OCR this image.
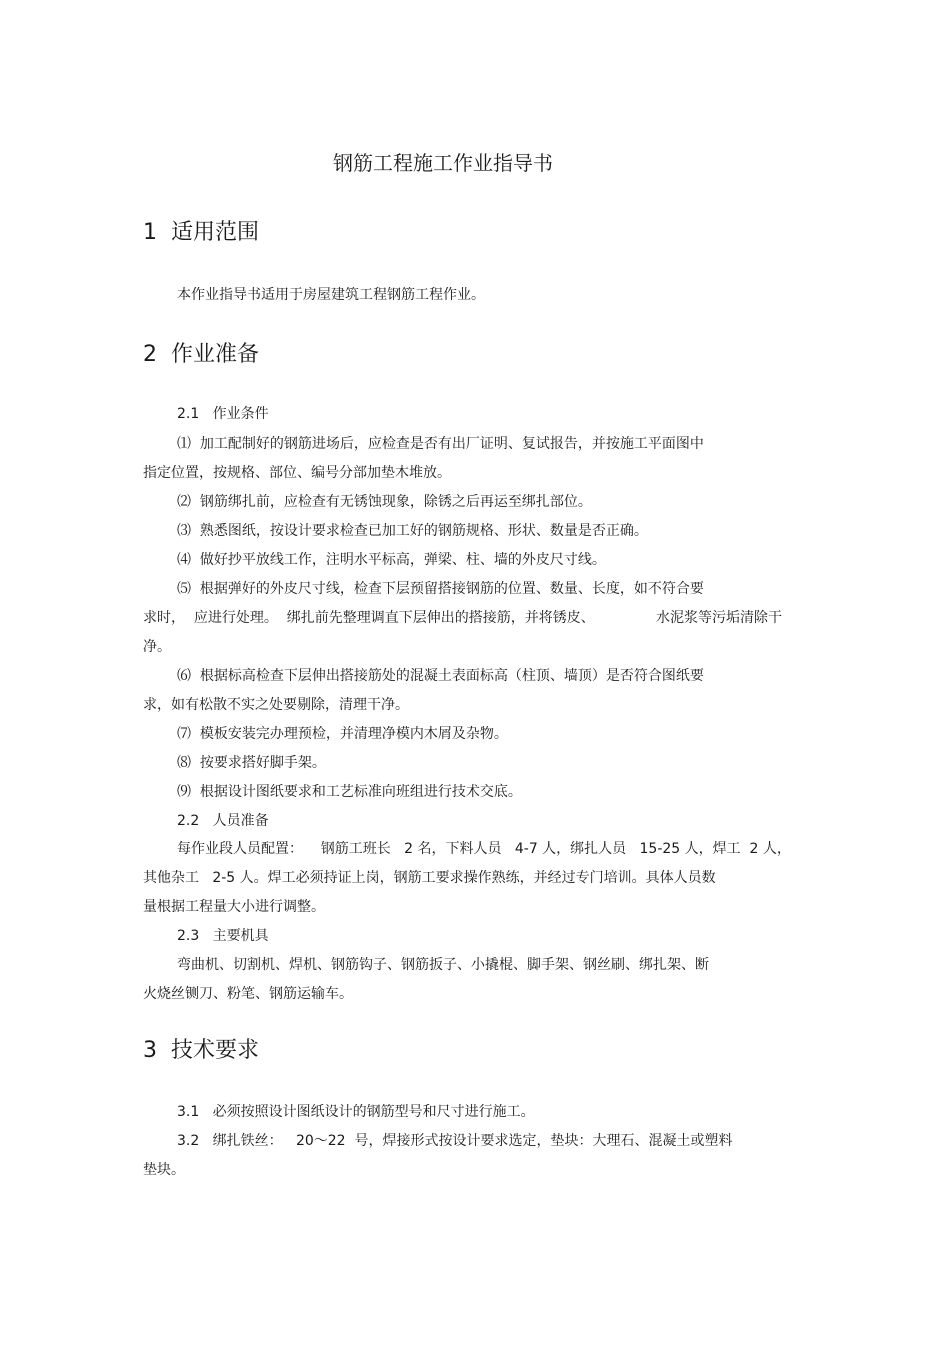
钢筋工程施工作业指导书
1  适用范围
本作业指导书适用于房屋建筑工程钢筋工程作业。
2  作业准备
2.1   作业条件
⑴  加工配制好的钢筋进场后，应检查是否有出厂证明、复试报告，并按施工平面图中
指定位置，按规格、部位、编号分部加垫木堆放。
⑵  钢筋绑扎前，应检查有无锈蚀现象，除锈之后再运至绑扎部位。
⑶  熟悉图纸，按设计要求检查已加工好的钢筋规格、形状、数量是否正确。
⑷  做好抄平放线工作，注明水平标高，弹梁、柱、墙的外皮尺寸线。
⑸  根据弹好的外皮尺寸线，检查下层预留搭接钢筋的位置、数量、长度，如不符合要
求时，  应进行处理。  绑扎前先整理调直下层伸出的搭接筋，并将锈皮、	水泥浆等污垢清除干
净。
⑹  根据标高检查下层伸出搭接筋处的混凝土表面标高（柱顶、墙顶）是否符合图纸要
求，如有松散不实之处要剔除，清理干净。
⑺  模板安装完办理预检，并清理净模内木屑及杂物。
⑻  按要求搭好脚手架。
⑼  根据设计图纸要求和工艺标准向班组进行技术交底。
2.2   人员准备
每作业段人员配置：    钢筋工班长   2 名，下料人员   4-7 人，绑扎人员   15-25 人，焊工  2 人，
其他杂工   2-5 人。焊工必须持证上岗，钢筋工要求操作熟练，并经过专门培训。具体人员数
量根据工程量大小进行调整。
2.3   主要机具
弯曲机、切割机、焊机、钢筋钩子、钢筋扳子、小撬棍、脚手架、钢丝刷、绑扎架、断
火烧丝铡刀、粉笔、钢筋运输车。
3  技术要求
3.1   必须按照设计图纸设计的钢筋型号和尺寸进行施工。
3.2   绑扎铁丝：   20～22  号，焊接形式按设计要求选定，垫块：大理石、混凝土或塑料
垫块。
